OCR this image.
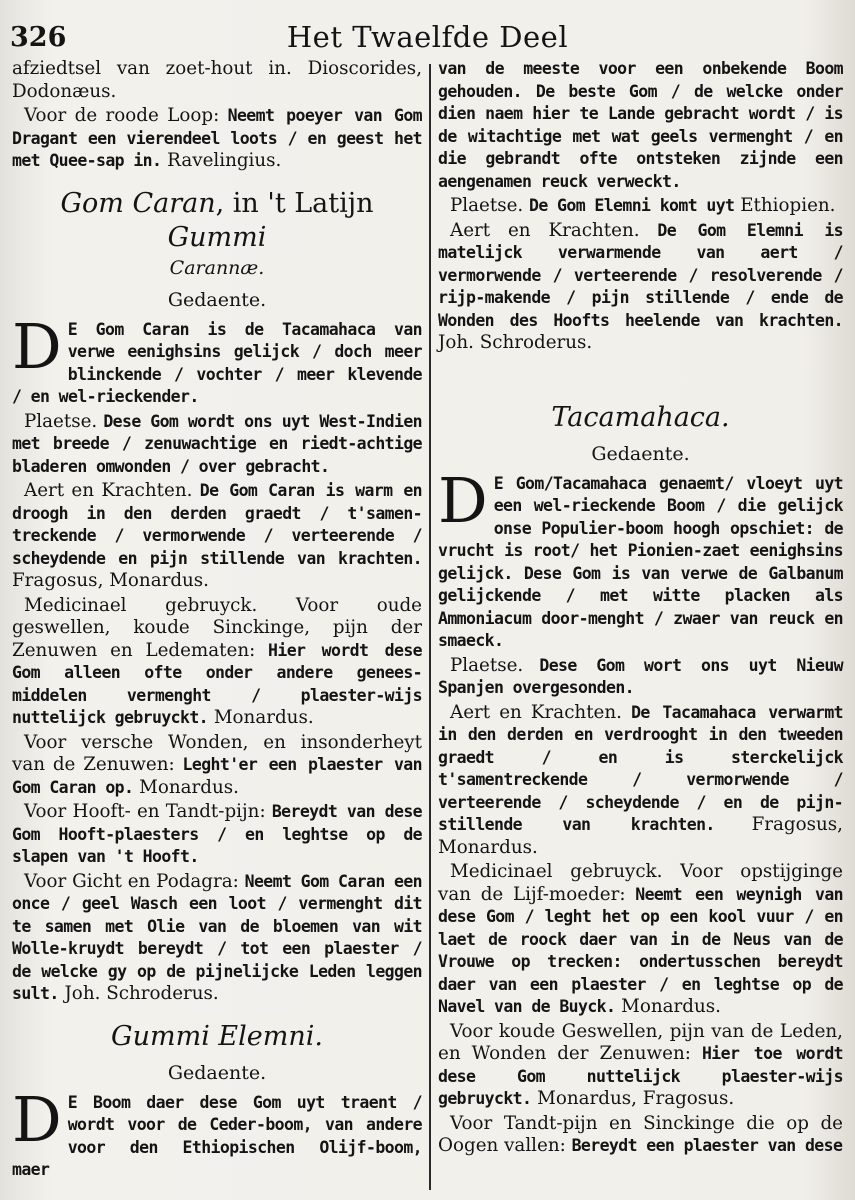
326	Het Twaelfde Deel

afziedtsel van zoet-hout in. Dioscorides, Dodonæus.

Voor de roode Loop: Neemt poeyer van Gom Dragant een vierendeel loots / en geest het met Quee-sap in. Ravelingius.

Gom Caran, in 't Latijn Gummi
Carannæ.
Gedaente.

D E Gom Caran is de Tacamahaca van verwe eenighsins gelijck / doch meer blinckende / vochter / meer klevende / en wel-rieckender.

Plaetse. Dese Gom wordt ons uyt West-Indien met breede / zenuwachtige en riedt-achtige bladeren omwonden / over gebracht.

Aert en Krachten. De Gom Caran is warm en droogh in den derden graedt / t'samen-treckende / vermorwende / verteerende / scheydende en pijn stillende van krachten. Fragosus, Monardus.

Medicinael gebruyck. Voor oude geswellen, koude Sinckinge, pijn der Zenuwen en Ledematen: Hier wordt dese Gom alleen ofte onder andere genees-middelen vermenght / plaester-wijs nuttelijck gebruyckt. Monardus.

Voor versche Wonden, en insonderheyt van de Zenuwen: Leght'er een plaester van Gom Caran op. Monardus.

Voor Hooft- en Tandt-pijn: Bereydt van dese Gom Hooft-plaesters / en leghtse op de slapen van 't Hooft.

Voor Gicht en Podagra: Neemt Gom Caran een once / geel Wasch een loot / vermenght dit te samen met Olie van de bloemen van wit Wolle-kruydt bereydt / tot een plaester / de welcke gy op de pijnelijcke Leden leggen sult. Joh. Schroderus.

Gummi Elemni.
Gedaente.

D E Boom daer dese Gom uyt traent / wordt voor de Ceder-boom, van andere voor den Ethiopischen Olijf-boom, maer

van de meeste voor een onbekende Boom gehouden. De beste Gom / de welcke onder dien naem hier te Lande gebracht wordt / is de witachtige met wat geels vermenght / en die gebrandt ofte ontsteken zijnde een aengenamen reuck verweckt.

Plaetse. De Gom Elemni komt uyt Ethiopien.

Aert en Krachten. De Gom Elemni is matelijck verwarmende van aert / vermorwende / verteerende / resolverende / rijp-makende / pijn stillende / ende de Wonden des Hoofts heelende van krachten. Joh. Schroderus.

Tacamahaca.
Gedaente.

D E Gom/Tacamahaca genaemt/ vloeyt uyt een wel-rieckende Boom / die gelijck onse Populier-boom hoogh opschiet: de vrucht is root/ het Pionien-zaet eenighsins gelijck. Dese Gom is van verwe de Galbanum gelijckende / met witte placken als Ammoniacum door-menght / zwaer van reuck en smaeck.

Plaetse. Dese Gom wort ons uyt Nieuw Spanjen overgesonden.

Aert en Krachten. De Tacamahaca verwarmt in den derden en verdrooght in den tweeden graedt / en is sterckelijck t'samentreckende / vermorwende / verteerende / scheydende / en de pijn-stillende van krachten. Fragosus, Monardus.

Medicinael gebruyck. Voor opstijginge van de Lijf-moeder: Neemt een weynigh van dese Gom / leght het op een kool vuur / en laet de roock daer van in de Neus van de Vrouwe op trecken: ondertusschen bereydt daer van een plaester / en leghtse op de Navel van de Buyck. Monardus.

Voor koude Geswellen, pijn van de Leden, en Wonden der Zenuwen: Hier toe wordt dese Gom nuttelijck plaester-wijs gebruyckt. Monardus, Fragosus.

Voor Tandt-pijn en Sinckinge die op de Oogen vallen: Bereydt een plaester van dese
